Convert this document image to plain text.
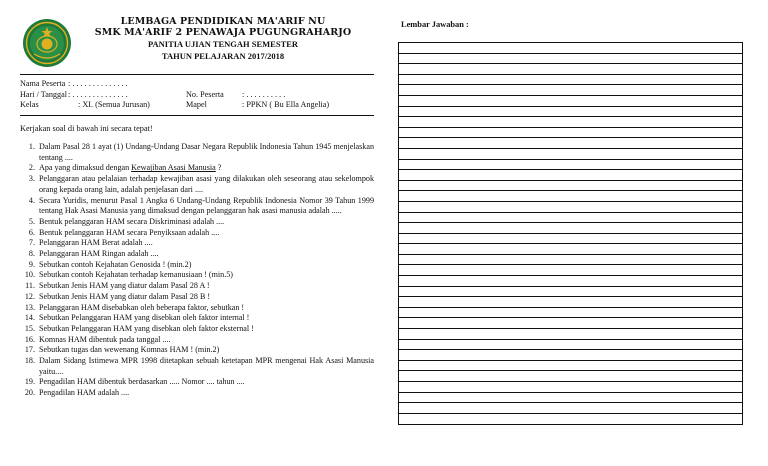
LEMBAGA PENDIDIKAN MA'ARIF NU
SMK MA'ARIF 2 PENAWAJA PUGUNGRAHARJO
PANITIA UJIAN TENGAH SEMESTER
TAHUN PELAJARAN 2017/2018
Nama Peserta : . . . . . . . . . . . . . .
Hari / Tanggal : . . . . . . . . . . . . . .
Kelas	: XI. (Semua Jurusan)
No. Peserta : . . . . . . . . . .
Mapel	: PPKN ( Bu Ella Angelia)
Kerjakan soal di bawah ini secara tepat!
1. Dalam Pasal 28 1 ayat (1) Undang-Undang Dasar Negara Republik Indonesia Tahun 1945 menjelaskan tentang ....
2. Apa yang dimaksud dengan Kewajiban Asasi Manusia ?
3. Pelanggaran atau pelalaian terhadap kewajiban asasi yang dilakukan oleh seseorang atau sekelompok orang kepada orang lain, adalah penjelasan dari ....
4. Secara Yuridis, menurut Pasal 1 Angka 6 Undang-Undang Republik Indonesia Nomor 39 Tahun 1999 tentang Hak Asasi Manusia yang dimaksud dengan pelanggaran hak asasi manusia adalah .....
5. Bentuk pelanggaran HAM secara Diskriminasi adalah ....
6. Bentuk pelanggaran HAM secara Penyiksaan adalah ....
7. Pelanggaran HAM Berat adalah ....
8. Pelanggaran HAM Ringan adalah ....
9. Sebutkan contoh Kejahatan Genosida ! (min.2)
10. Sebutkan contoh Kejahatan terhadap kemanusiaan ! (min.5)
11. Sebutkan Jenis HAM yang diatur dalam Pasal 28 A !
12. Sebutkan Jenis HAM yang diatur dalam Pasal 28 B !
13. Pelanggaran HAM disebabkan oleh beberapa faktor, sebutkan !
14. Sebutkan Pelanggaran HAM yang disebkan oleh faktor internal !
15. Sebutkan Pelanggaran HAM yang disebkan oleh faktor eksternal !
16. Komnas HAM dibentuk pada tanggal ....
17. Sebutkan tugas dan wewenang Komnas HAM ! (min.2)
18. Dalam Sidang Istimewa MPR 1998 ditetapkan sebuah ketetapan MPR mengenai Hak Asasi Manusia yaitu....
19. Pengadilan HAM dibentuk berdasarkan ..... Nomor .... tahun ....
20. Pengadilan HAM adalah ....
Lembar Jawaban :
